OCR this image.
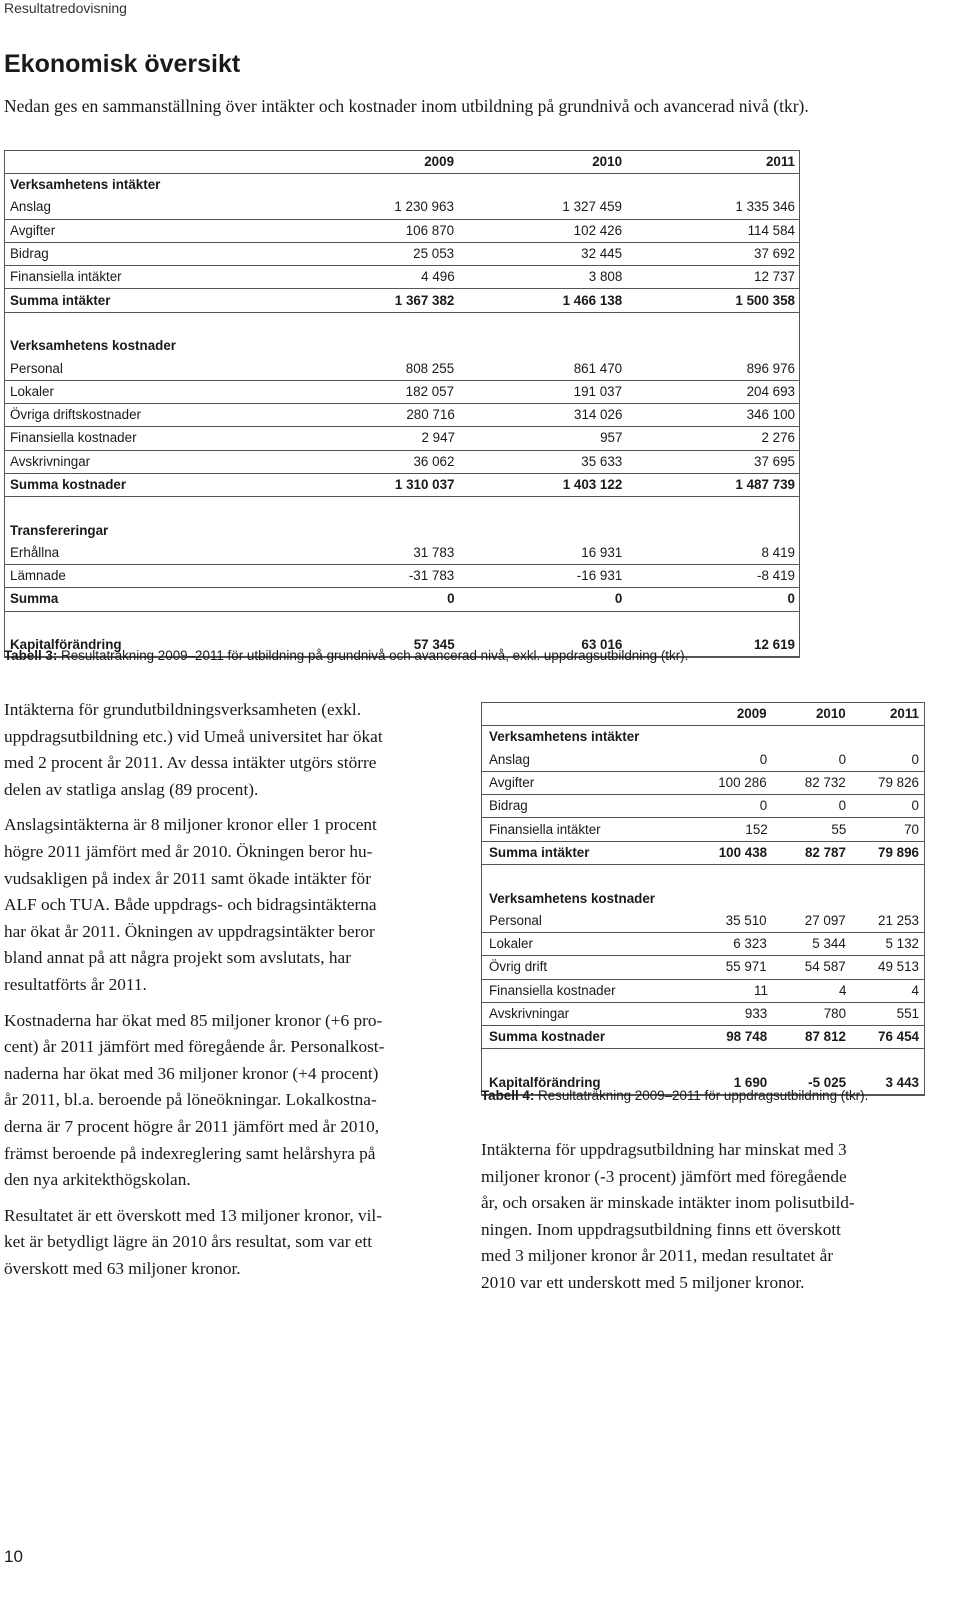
Resultatredovisning
Ekonomisk översikt

Nedan ges en sammanställning över intäkter och kostnader inom utbildning på grundnivå och avancerad nivå (tkr).

	2009	2010	2011
Verksamhetens intäkter

Anslag	1 230 963	1 327 459	1 335 346
Avgifter	106 870	102 426	114 584
Bidrag	25 053	32 445	37 692
Finansiella intäkter	4 496	3 808	12 737
Summa intäkter	1 367 382	1 466 138	1 500 358

Verksamhetens kostnader

Personal	808 255	861 470	896 976
Lokaler	182 057	191 037	204 693
Övriga driftskostnader	280 716	314 026	346 100
Finansiella kostnader	2 947	957	2 276
Avskrivningar	36 062	35 633	37 695
Summa kostnader	1 310 037	1 403 122	1 487 739

Transfereringar

Erhållna	31 783	16 931	8 419
Lämnade	-31 783	-16 931	-8 419
Summa	0	0	0

Kapitalförändring	57 345	63 016	12 619

Tabell 3: Resultaträkning 2009–2011 för utbildning på grundnivå och avancerad nivå, exkl. uppdragsutbildning (tkr).

Intäkterna för grundutbildningsverksamheten (exkl.
uppdragsutbildning etc.) vid Umeå universitet har ökat
med 2 procent år 2011. Av dessa intäkter utgörs större
delen av statliga anslag (89 procent).

Anslagsintäkterna är 8 miljoner kronor eller 1 procent
högre 2011 jämfört med år 2010. Ökningen beror hu-
vudsakligen på index år 2011 samt ökade intäkter för
ALF och TUA. Både uppdrags- och bidragsintäkterna
har ökat år 2011. Ökningen av uppdragsintäkter beror
bland annat på att några projekt som avslutats, har
resultatförts år 2011.

Kostnaderna har ökat med 85 miljoner kronor (+6 pro-
cent) år 2011 jämfört med föregående år. Personalkost-
naderna har ökat med 36 miljoner kronor (+4 procent)
år 2011, bl.a. beroende på löneökningar. Lokalkostna-
derna är 7 procent högre år 2011 jämfört med år 2010,
främst beroende på indexreglering samt helårshyra på
den nya arkitekthögskolan.

Resultatet är ett överskott med 13 miljoner kronor, vil-
ket är betydligt lägre än 2010 års resultat, som var ett
överskott med 63 miljoner kronor.

	2009	2010	2011
Verksamhetens intäkter

Anslag	0	0	0
Avgifter	100 286	82 732	79 826
Bidrag	0	0	0
Finansiella intäkter	152	55	70
Summa intäkter	100 438	82 787	79 896

Verksamhetens kostnader

Personal	35 510	27 097	21 253
Lokaler	6 323	5 344	5 132
Övrig drift	55 971	54 587	49 513
Finansiella kostnader	11	4	4
Avskrivningar	933	780	551
Summa kostnader	98 748	87 812	76 454

Kapitalförändring	1 690	-5 025	3 443

Tabell 4: Resultaträkning 2009–2011 för uppdragsutbildning (tkr).

Intäkterna för uppdragsutbildning har minskat med 3
miljoner kronor (-3 procent) jämfört med föregående
år, och orsaken är minskade intäkter inom polisutbild-
ningen. Inom uppdragsutbildning finns ett överskott
med 3 miljoner kronor år 2011, medan resultatet år
2010 var ett underskott med 5 miljoner kronor.

10
